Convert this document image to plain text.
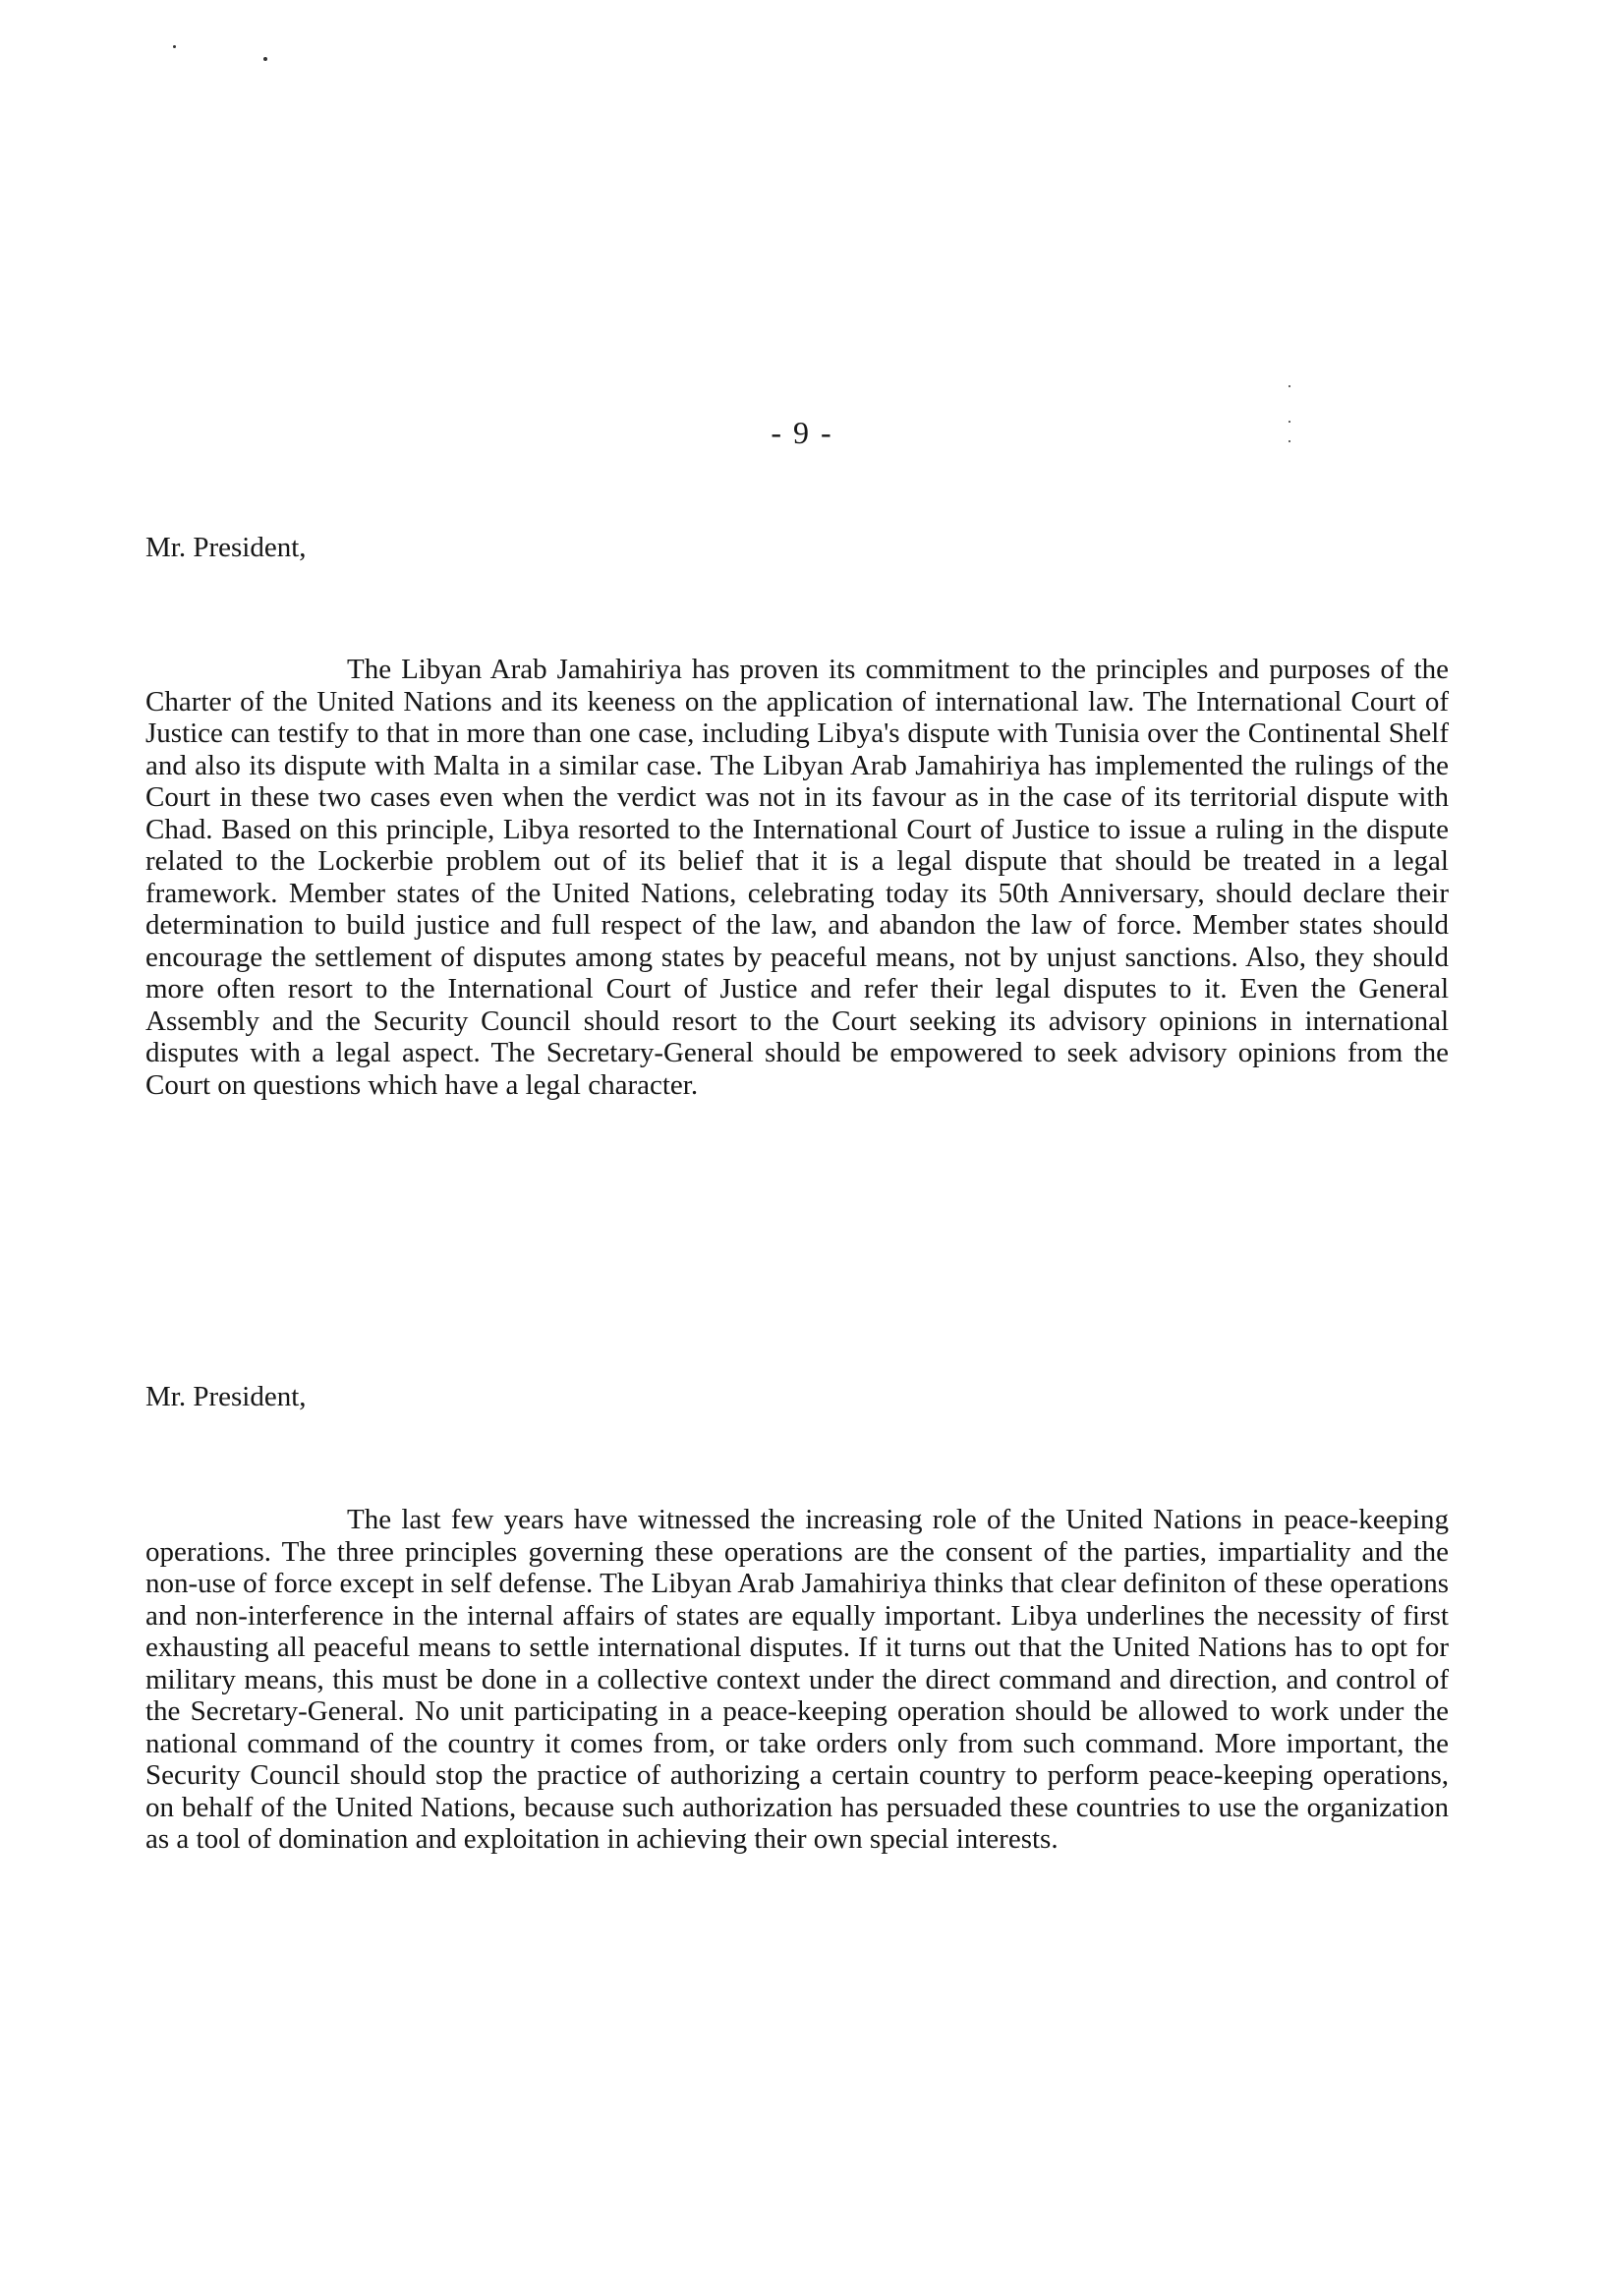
- 9 -

Mr. President,

The Libyan Arab Jamahiriya has proven its commitment to the principles and purposes of the Charter of the United Nations and its keeness on the application of international law. The International Court of Justice can testify to that in more than one case, including Libya's dispute with Tunisia over the Continental Shelf and also its dispute with Malta in a similar case. The Libyan Arab Jamahiriya has implemented the rulings of the Court in these two cases even when the verdict was not in its favour as in the case of its territorial dispute with Chad. Based on this principle, Libya resorted to the International Court of Justice to issue a ruling in the dispute related to the Lockerbie problem out of its belief that it is a legal dispute that should be treated in a legal framework. Member states of the United Nations, celebrating today its 50th Anniversary, should declare their determination to build justice and full respect of the law, and abandon the law of force. Member states should encourage the settlement of disputes among states by peaceful means, not by unjust sanctions. Also, they should more often resort to the International Court of Justice and refer their legal disputes to it. Even the General Assembly and the Security Council should resort to the Court seeking its advisory opinions in international disputes with a legal aspect. The Secretary-General should be empowered to seek advisory opinions from the Court on questions which have a legal character.

Mr. President,

The last few years have witnessed the increasing role of the United Nations in peace-keeping operations. The three principles governing these operations are the consent of the parties, impartiality and the non-use of force except in self defense. The Libyan Arab Jamahiriya thinks that clear definiton of these operations and non-interference in the internal affairs of states are equally important. Libya underlines the necessity of first exhausting all peaceful means to settle international disputes. If it turns out that the United Nations has to opt for military means, this must be done in a collective context under the direct command and direction, and control of the Secretary-General. No unit participating in a peace-keeping operation should be allowed to work under the national command of the country it comes from, or take orders only from such command. More important, the Security Council should stop the practice of authorizing a certain country to perform peace-keeping operations, on behalf of the United Nations, because such authorization has persuaded these countries to use the organization as a tool of domination and exploitation in achieving their own special interests.
